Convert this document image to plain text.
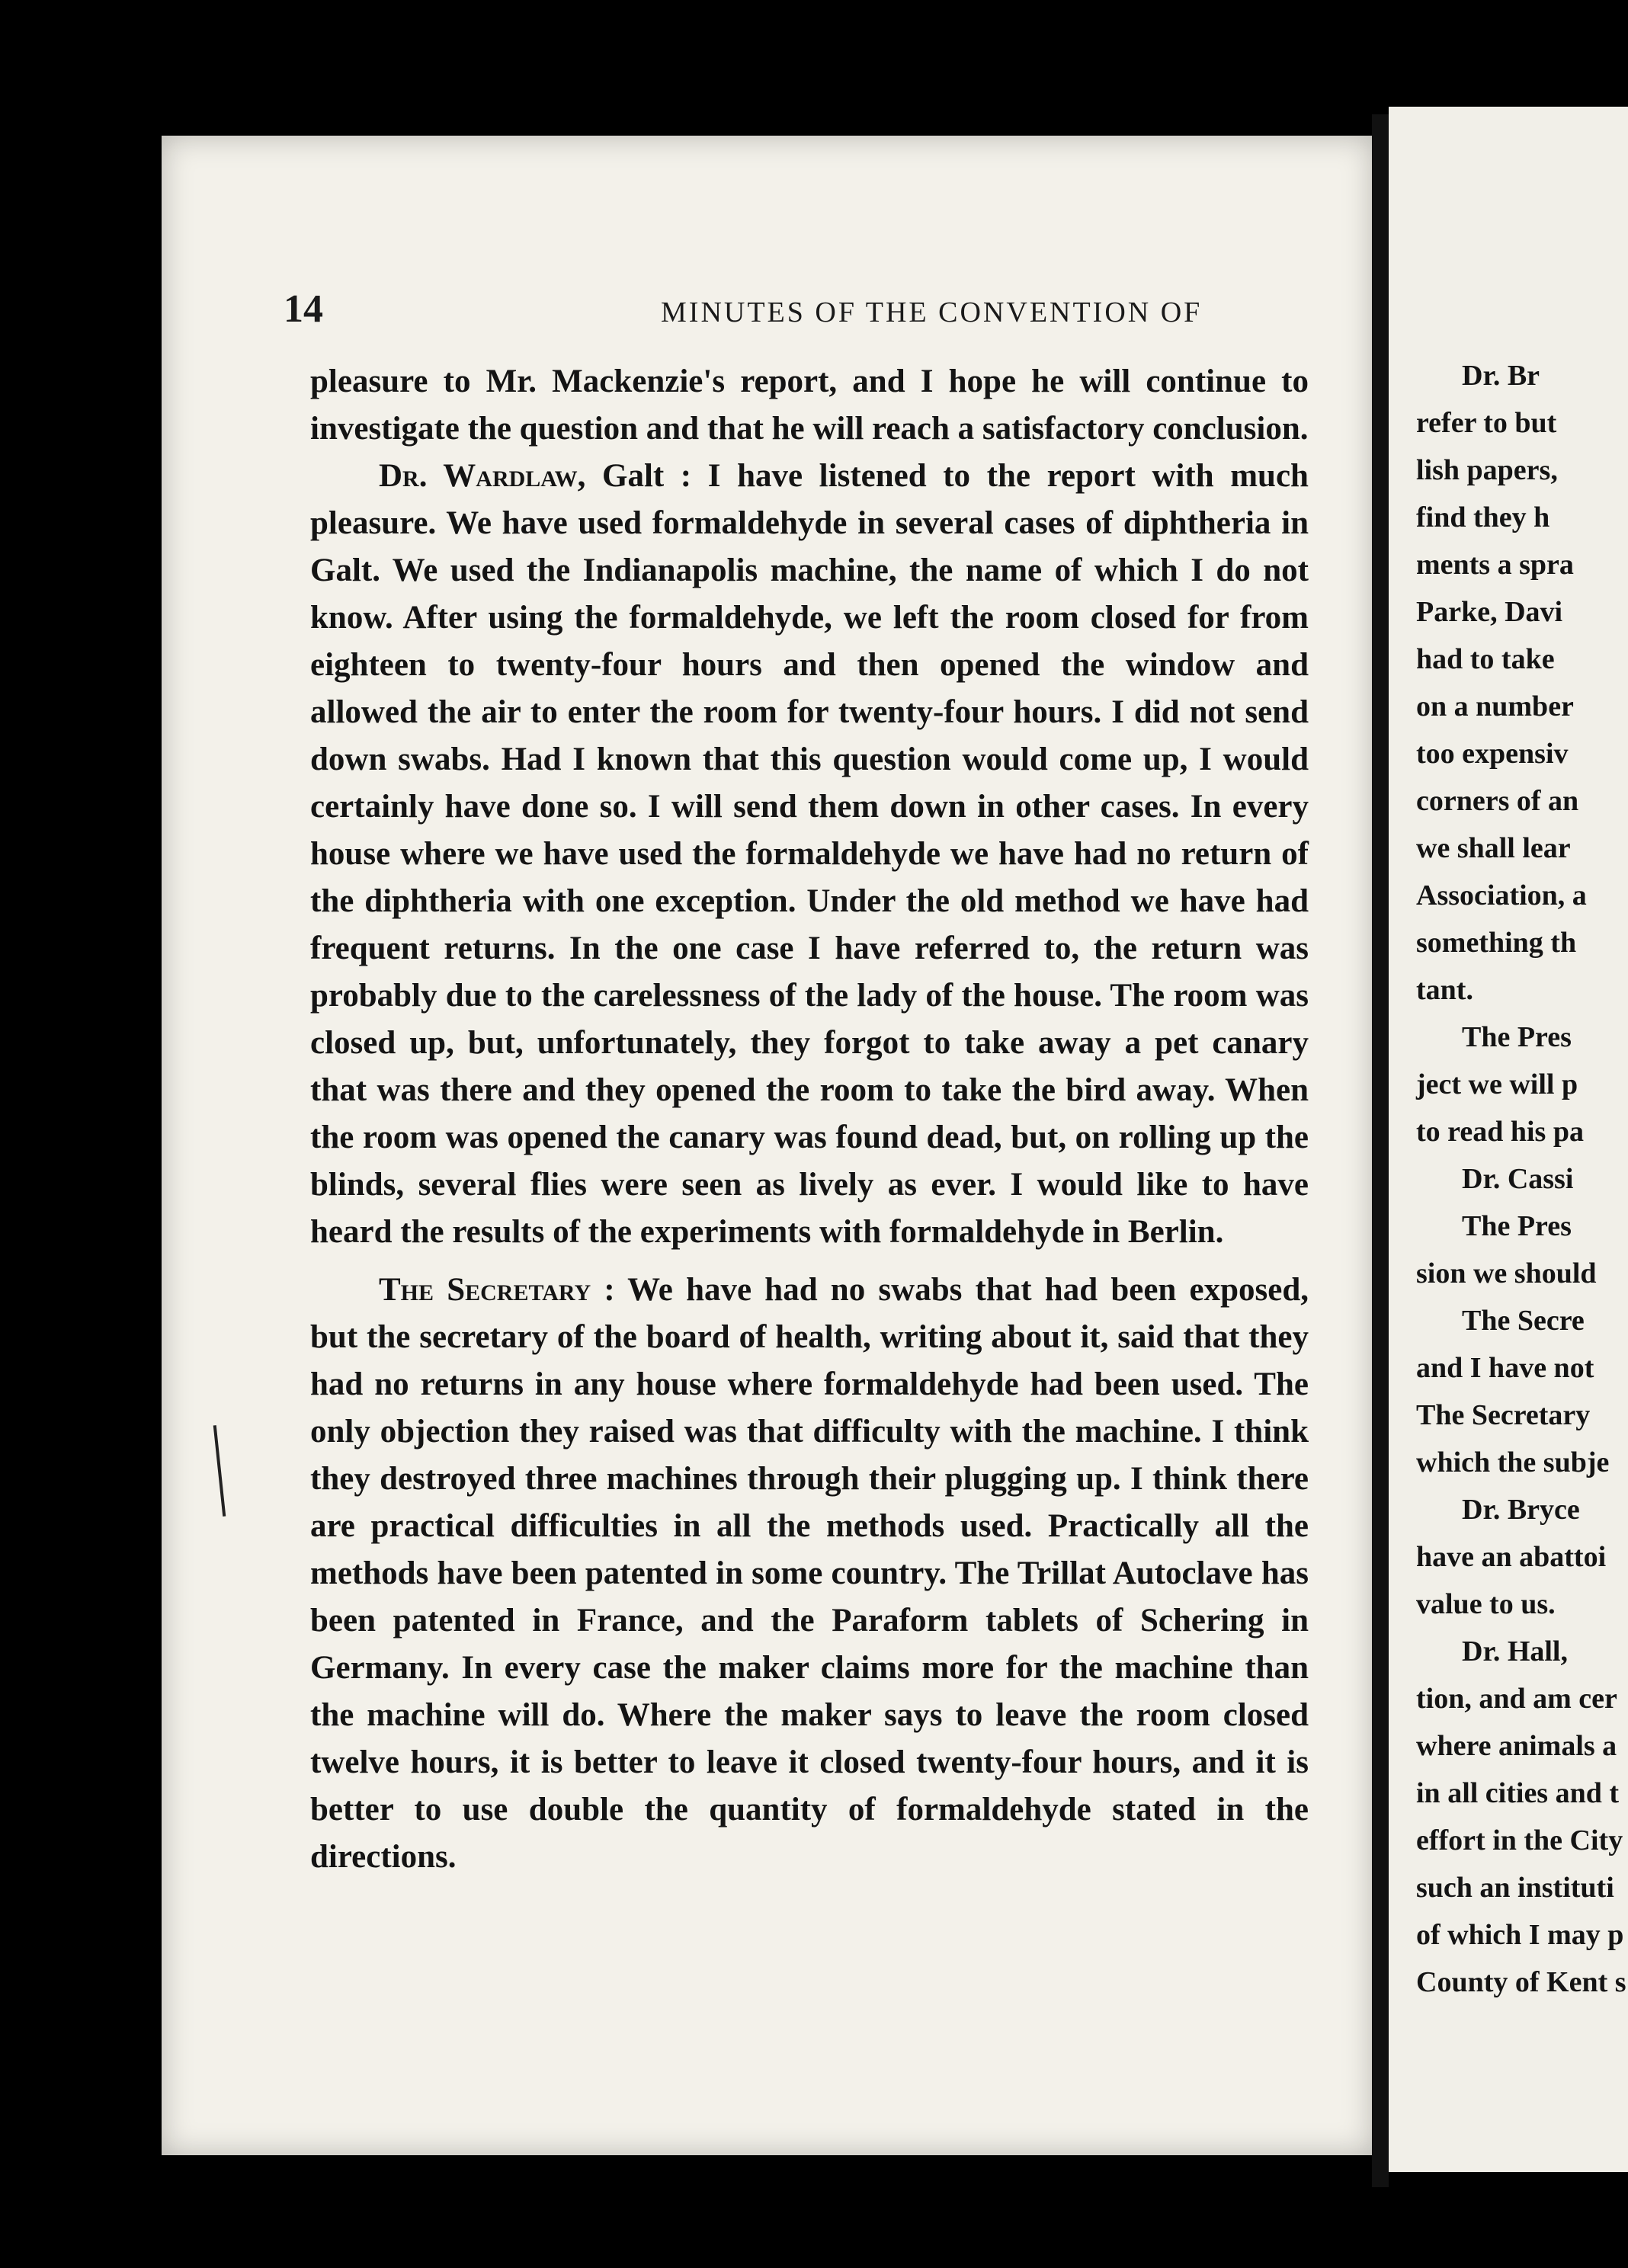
14	MINUTES OF THE CONVENTION OF

pleasure to Mr. Mackenzie's report, and I hope he will continue to investigate the question and that he will reach a satisfactory conclusion.

Dr. Wardlaw, Galt : I have listened to the report with much pleasure. We have used formaldehyde in several cases of diphtheria in Galt. We used the Indianapolis machine, the name of which I do not know. After using the formaldehyde, we left the room closed for from eighteen to twenty-four hours and then opened the window and allowed the air to enter the room for twenty-four hours. I did not send down swabs. Had I known that this question would come up, I would certainly have done so. I will send them down in other cases. In every house where we have used the formaldehyde we have had no return of the diphtheria with one exception. Under the old method we have had frequent returns. In the one case I have referred to, the return was probably due to the carelessness of the lady of the house. The room was closed up, but, unfortunately, they forgot to take away a pet canary that was there and they opened the room to take the bird away. When the room was opened the canary was found dead, but, on rolling up the blinds, several flies were seen as lively as ever. I would like to have heard the results of the experiments with formaldehyde in Berlin.

The Secretary : We have had no swabs that had been exposed, but the secretary of the board of health, writing about it, said that they had no returns in any house where formaldehyde had been used. The only objection they raised was that difficulty with the machine. I think they destroyed three machines through their plugging up. I think there are practical difficulties in all the methods used. Practically all the methods have been patented in some country. The Trillat Autoclave has been patented in France, and the Paraform tablets of Schering in Germany. In every case the maker claims more for the machine than the machine will do. Where the maker says to leave the room closed twelve hours, it is better to leave it closed twenty-four hours, and it is better to use double the quantity of formaldehyde stated in the directions.

Dr. Br
refer to but
lish papers,
find they h
ments a spra
Parke, Davi
had to take
on a number
too expensiv
corners of an
we shall lear
Association, a
something th
tant.
The Pres
ject we will p
to read his pa
Dr. Cassi
The Pres
sion we should
The Secre
and I have not
The Secretary
which the subje
Dr. Bryce
have an abattoi
value to us.
Dr. Hall,
tion, and am cer
where animals a
in all cities and t
effort in the City
such an instituti
of which I may p
County of Kent s
